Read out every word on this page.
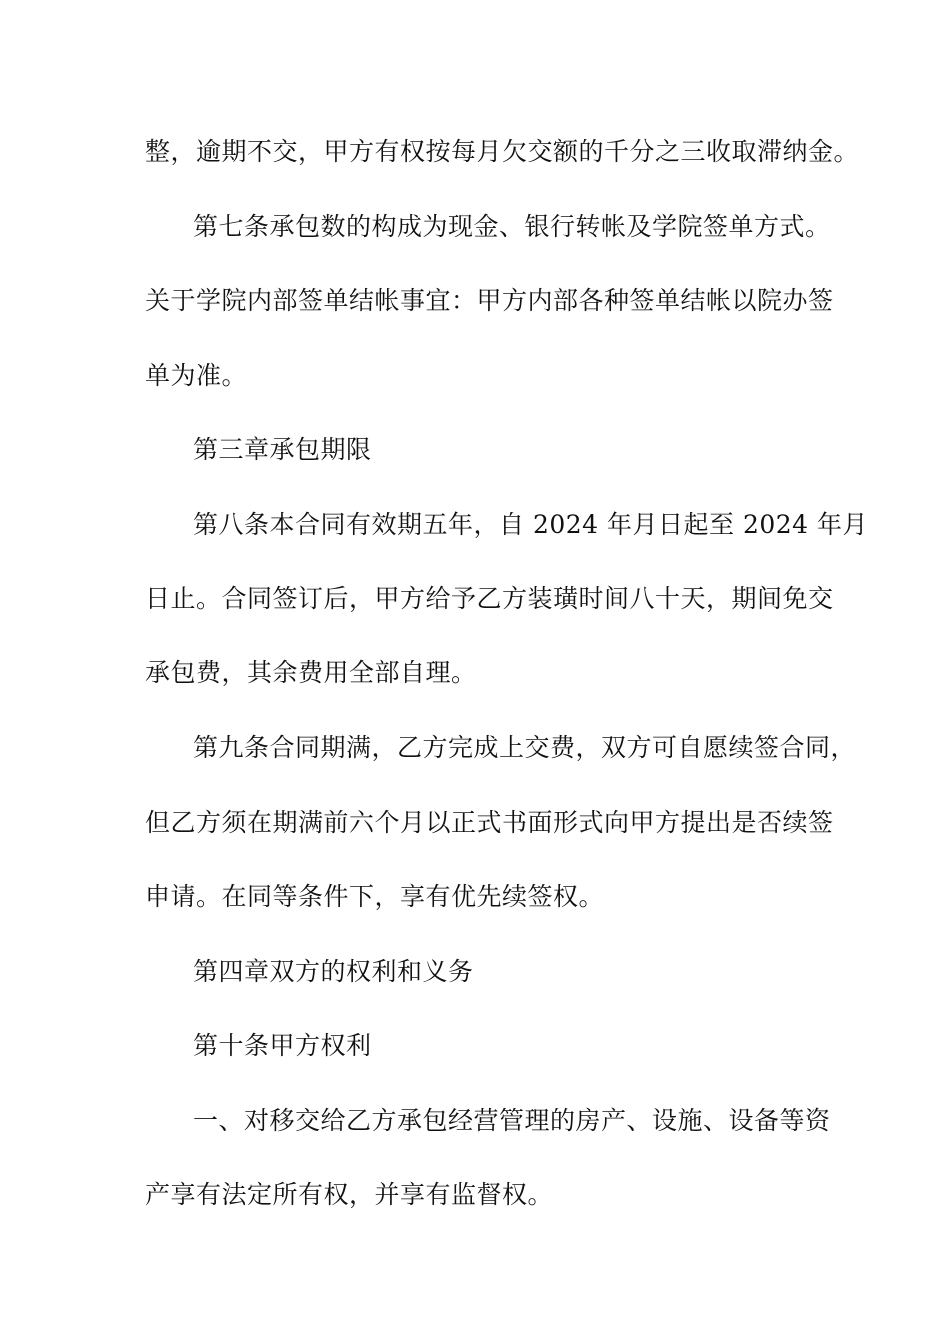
整，逾期不交，甲方有权按每月欠交额的千分之三收取滞纳金。
第七条承包数的构成为现金、银行转帐及学院签单方式。
关于学院内部签单结帐事宜：甲方内部各种签单结帐以院办签
单为准。
第三章承包期限
第八条本合同有效期五年，自 2024 年月日起至 2024 年月
日止。合同签订后，甲方给予乙方装璜时间八十天，期间免交
承包费，其余费用全部自理。
第九条合同期满，乙方完成上交费，双方可自愿续签合同，
但乙方须在期满前六个月以正式书面形式向甲方提出是否续签
申请。在同等条件下，享有优先续签权。
第四章双方的权利和义务
第十条甲方权利
一、对移交给乙方承包经营管理的房产、设施、设备等资
产享有法定所有权，并享有监督权。
